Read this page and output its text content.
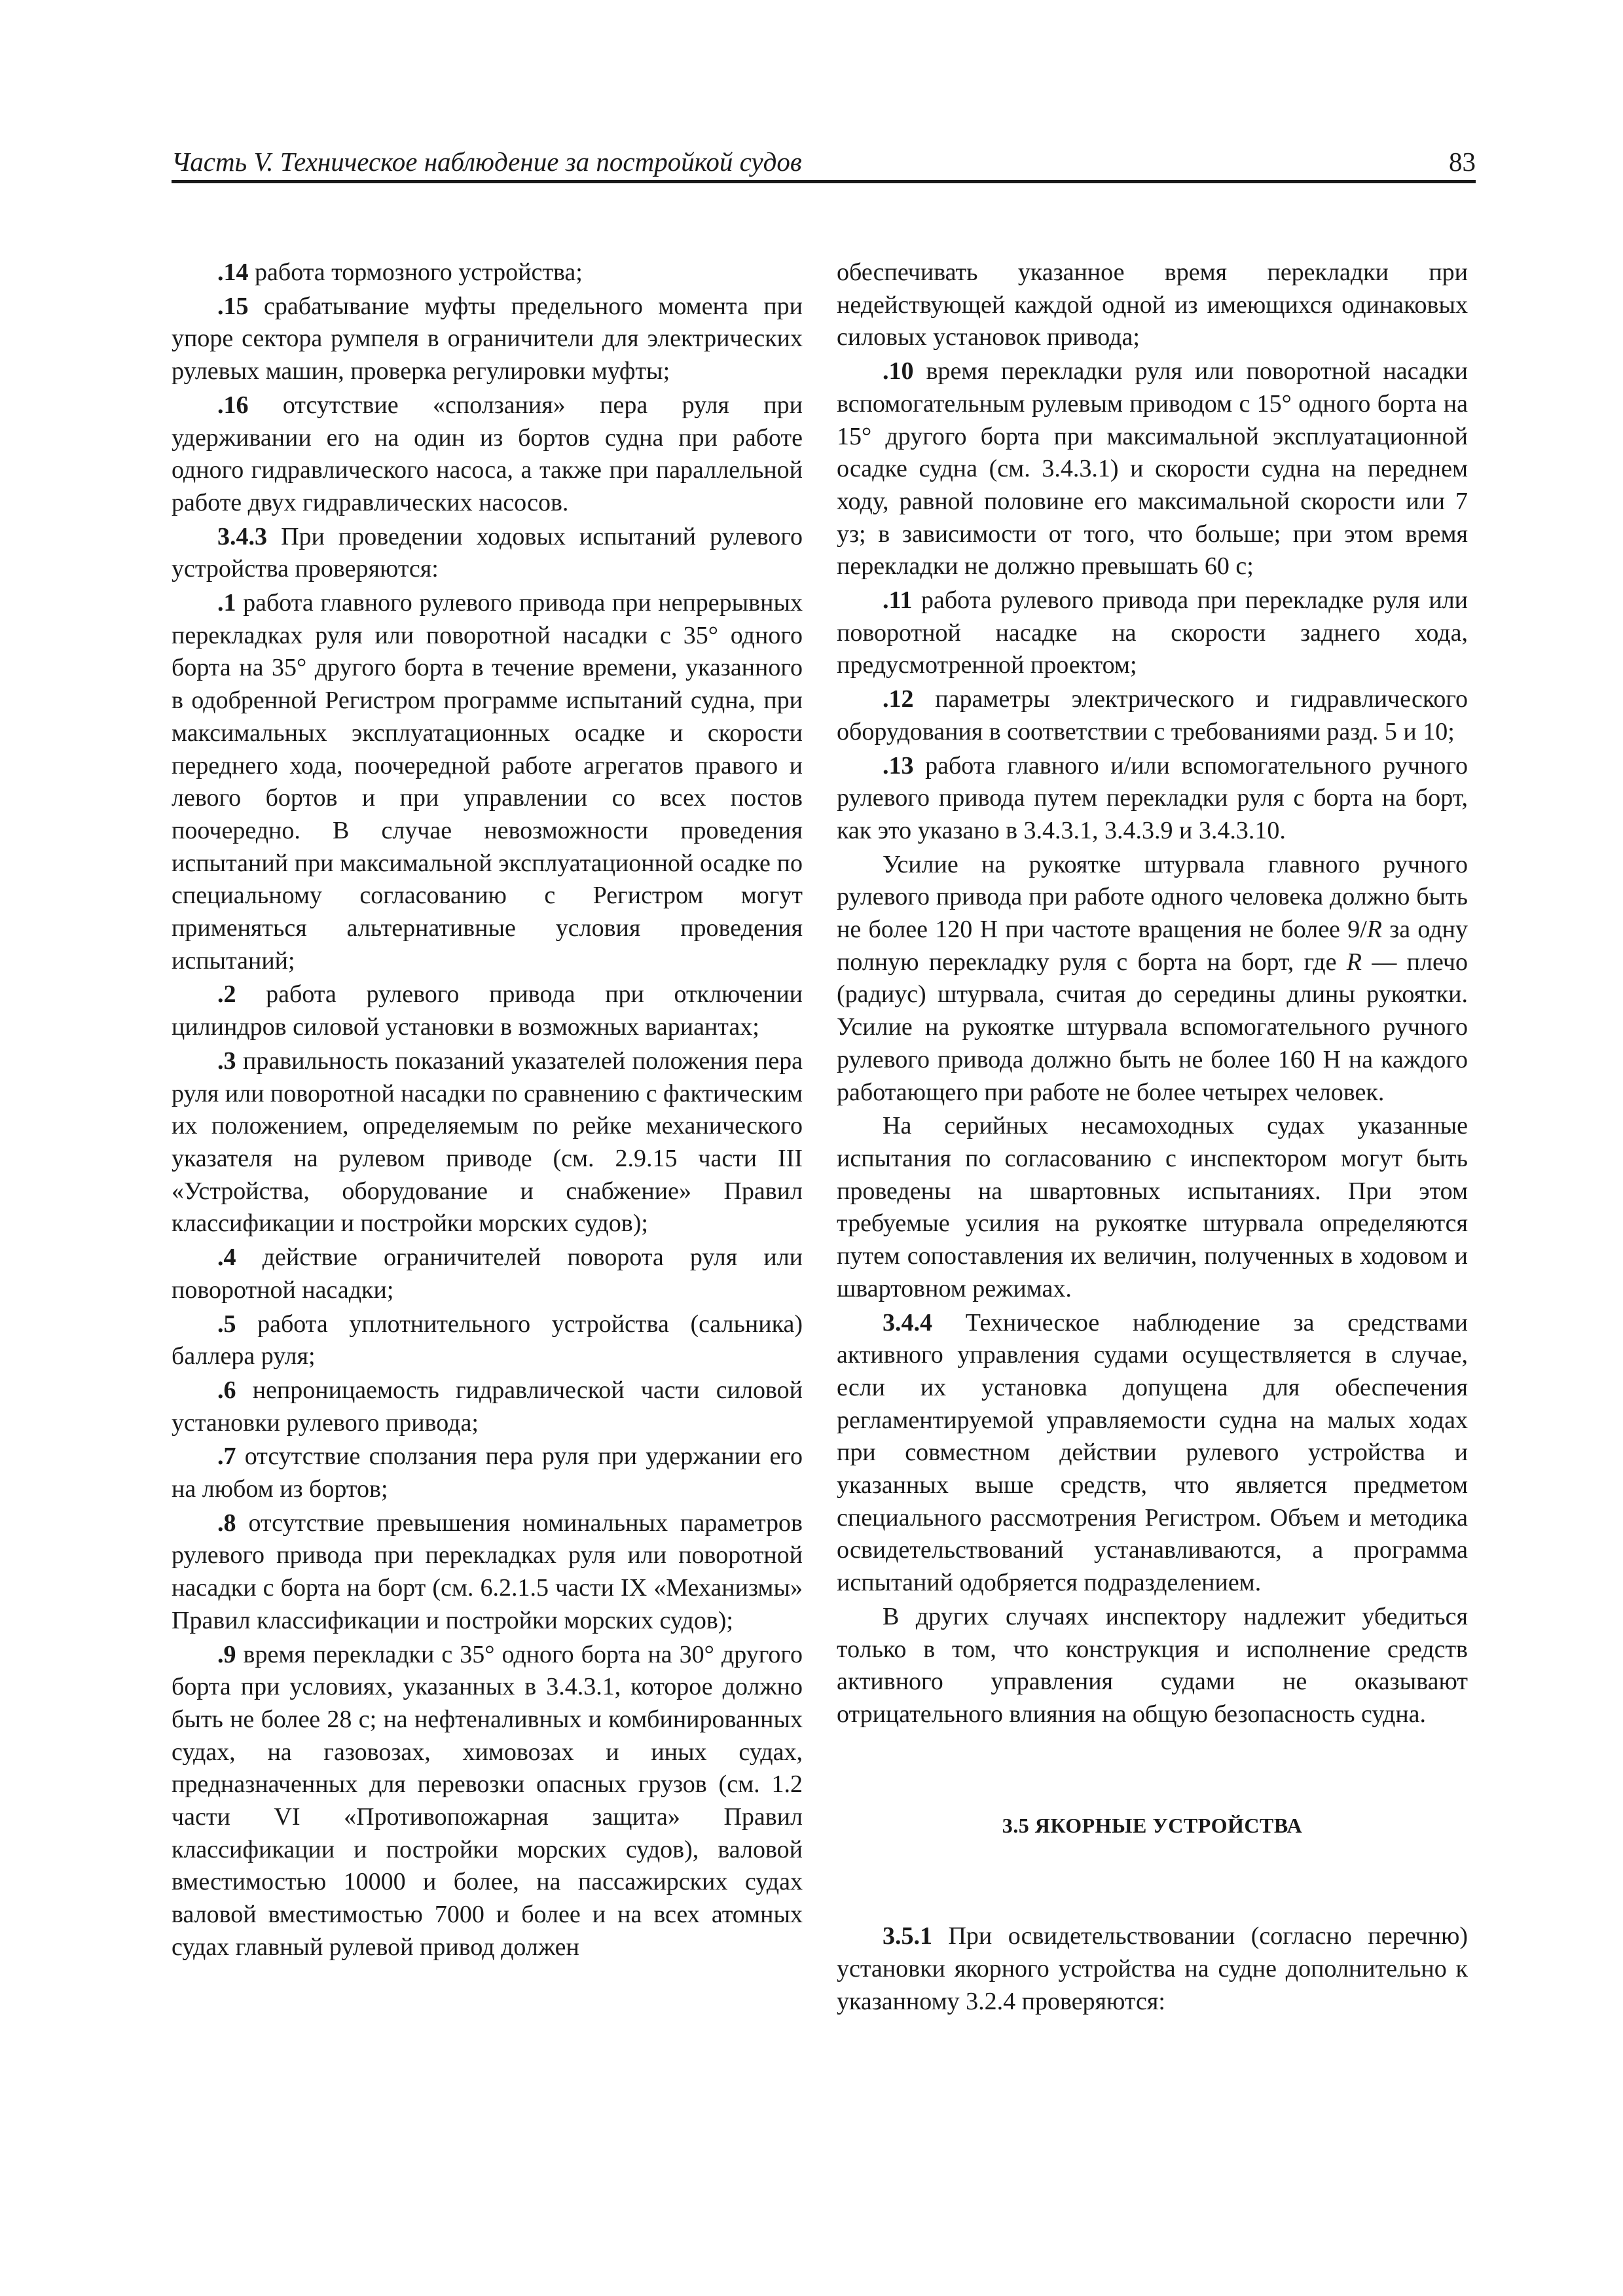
Часть V. Техническое наблюдение за постройкой судов	83

.14 работа тормозного устройства;

.15 срабатывание муфты предельного момента при упоре сектора румпеля в ограничители для электрических рулевых машин, проверка регулировки муфты;

.16 отсутствие «сползания» пера руля при удерживании его на один из бортов судна при работе одного гидравлического насоса, а также при параллельной работе двух гидравлических насосов.

3.4.3 При проведении ходовых испытаний рулевого устройства проверяются:

.1 работа главного рулевого привода при непрерывных перекладках руля или поворотной насадки с 35° одного борта на 35° другого борта в течение времени, указанного в одобренной Регистром программе испытаний судна, при максимальных эксплуатационных осадке и скорости переднего хода, поочередной работе агрегатов правого и левого бортов и при управлении со всех постов поочередно. В случае невозможности проведения испытаний при максимальной эксплуатационной осадке по специальному согласованию с Регистром могут применяться альтернативные условия проведения испытаний;

.2 работа рулевого привода при отключении цилиндров силовой установки в возможных вариантах;

.3 правильность показаний указателей положения пера руля или поворотной насадки по сравнению с фактическим их положением, определяемым по рейке механического указателя на рулевом приводе (см. 2.9.15 части III «Устройства, оборудование и снабжение» Правил классификации и постройки морских судов);

.4 действие ограничителей поворота руля или поворотной насадки;

.5 работа уплотнительного устройства (сальника) баллера руля;

.6 непроницаемость гидравлической части силовой установки рулевого привода;

.7 отсутствие сползания пера руля при удержании его на любом из бортов;

.8 отсутствие превышения номинальных параметров рулевого привода при перекладках руля или поворотной насадки с борта на борт (см. 6.2.1.5 части IX «Механизмы» Правил классификации и постройки морских судов);

.9 время перекладки с 35° одного борта на 30° другого борта при условиях, указанных в 3.4.3.1, которое должно быть не более 28 с; на нефтеналивных и комбинированных судах, на газовозах, химовозах и иных судах, предназначенных для перевозки опасных грузов (см. 1.2 части VI «Противопожарная защита» Правил классификации и постройки морских судов), валовой вместимостью 10000 и более, на пассажирских судах валовой вместимостью 7000 и более и на всех атомных судах главный рулевой привод должен

обеспечивать указанное время перекладки при недействующей каждой одной из имеющихся одинаковых силовых установок привода;

.10 время перекладки руля или поворотной насадки вспомогательным рулевым приводом с 15° одного борта на 15° другого борта при максимальной эксплуатационной осадке судна (см. 3.4.3.1) и скорости судна на переднем ходу, равной половине его максимальной скорости или 7 уз; в зависимости от того, что больше; при этом время перекладки не должно превышать 60 с;

.11 работа рулевого привода при перекладке руля или поворотной насадке на скорости заднего хода, предусмотренной проектом;

.12 параметры электрического и гидравлического оборудования в соответствии с требованиями разд. 5 и 10;

.13 работа главного и/или вспомогательного ручного рулевого привода путем перекладки руля с борта на борт, как это указано в 3.4.3.1, 3.4.3.9 и 3.4.3.10.

Усилие на рукоятке штурвала главного ручного рулевого привода при работе одного человека должно быть не более 120 Н при частоте вращения не более 9/R за одну полную перекладку руля с борта на борт, где R — плечо (радиус) штурвала, считая до середины длины рукоятки. Усилие на рукоятке штурвала вспомогательного ручного рулевого привода должно быть не более 160 Н на каждого работающего при работе не более четырех человек.

На серийных несамоходных судах указанные испытания по согласованию с инспектором могут быть проведены на швартовных испытаниях. При этом требуемые усилия на рукоятке штурвала определяются путем сопоставления их величин, полученных в ходовом и швартовном режимах.

3.4.4 Техническое наблюдение за средствами активного управления судами осуществляется в случае, если их установка допущена для обеспечения регламентируемой управляемости судна на малых ходах при совместном действии рулевого устройства и указанных выше средств, что является предметом специального рассмотрения Регистром. Объем и методика освидетельствований устанавливаются, а программа испытаний одобряется подразделением.

В других случаях инспектору надлежит убедиться только в том, что конструкция и исполнение средств активного управления судами не оказывают отрицательного влияния на общую безопасность судна.

3.5 ЯКОРНЫЕ УСТРОЙСТВА

3.5.1 При освидетельствовании (согласно перечню) установки якорного устройства на судне дополнительно к указанному 3.2.4 проверяются:
